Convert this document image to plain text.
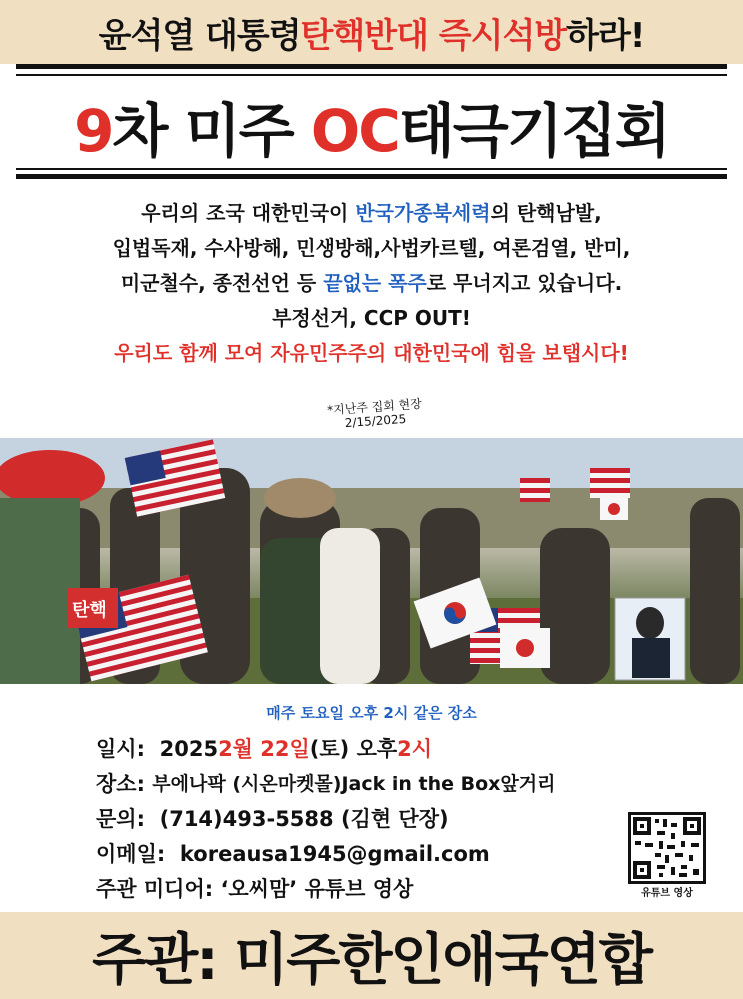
윤석열 대통령 탄핵반대 즉시석방 하라!
9차 미주 OC태극기집회
우리의 조국 대한민국이 반국가종북세력의 탄핵남발,
입법독재, 수사방해, 민생방해,사법카르텔, 여론검열, 반미,
미군철수, 종전선언 등 끝없는 폭주로 무너지고 있습니다.
부정선거, CCP OUT!
우리도 함께 모여 자유민주주의 대한민국에 힘을 보탭시다!
*지난주 집회 현장
2/15/2025
탄핵
매주 토요일 오후 2시 같은 장소
일시:
2025 2월 22일 (토) 오후 2시
장소:
부에나팍 (시온마켓몰)Jack in the Box앞거리
문의:
(714)493-5588 (김현 단장)
이메일:
koreausa1945@gmail.com
주관 미디어:
‘오씨맘’ 유튜브 영상	유튜브 영상
주관: 미주한인애국연합
